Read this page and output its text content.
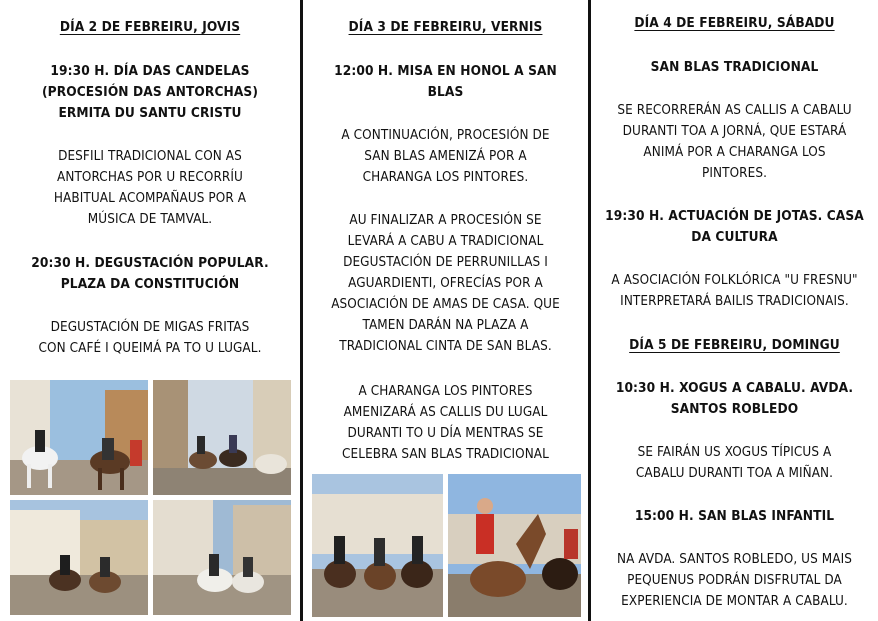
DÍA 2 DE FEBREIRU, JOVIS

19:30 H. DÍA DAS CANDELAS

(PROCESIÓN DAS ANTORCHAS)

ERMITA DU SANTU CRISTU

DESFILI TRADICIONAL CON AS

ANTORCHAS POR U RECORRÍU

HABITUAL ACOMPAÑAUS POR A

MÚSICA DE TAMVAL.

20:30 H. DEGUSTACIÓN POPULAR.

PLAZA DA CONSTITUCIÓN

DEGUSTACIÓN DE MIGAS FRITAS

CON CAFÉ I QUEIMÁ PA TO U LUGAL.

DÍA 3 DE FEBREIRU, VERNIS

12:00 H. MISA EN HONOL A SAN

BLAS

A CONTINUACIÓN, PROCESIÓN DE

SAN BLAS AMENIZÁ POR A

CHARANGA LOS PINTORES.

AU FINALIZAR A PROCESIÓN SE

LEVARÁ A CABU A TRADICIONAL

DEGUSTACIÓN DE PERRUNILLAS I

AGUARDIENTI, OFRECÍAS POR A

ASOCIACIÓN DE AMAS DE CASA. QUE

TAMEN DARÁN NA PLAZA A

TRADICIONAL CINTA DE SAN BLAS.

A CHARANGA LOS PINTORES

AMENIZARÁ AS CALLIS DU LUGAL

DURANTI TO U DÍA MENTRAS SE

CELEBRA SAN BLAS TRADICIONAL

DÍA 4 DE FEBREIRU, SÁBADU

SAN BLAS TRADICIONAL

SE RECORRERÁN AS CALLIS A CABALU

DURANTI TOA A JORNÁ, QUE ESTARÁ

ANIMÁ POR A CHARANGA LOS

PINTORES.

19:30 H. ACTUACIÓN DE JOTAS. CASA

DA CULTURA

A ASOCIACIÓN FOLKLÓRICA "U FRESNU"

INTERPRETARÁ BAILIS TRADICIONAIS.

DÍA 5 DE FEBREIRU, DOMINGU

10:30 H. XOGUS A CABALU. AVDA.

SANTOS ROBLEDO

SE FAIRÁN US XOGUS TÍPICUS A

CABALU DURANTI TOA A MIÑAN.

15:00 H. SAN BLAS INFANTIL

NA AVDA. SANTOS ROBLEDO, US MAIS

PEQUENUS PODRÁN DISFRUTAL DA

EXPERIENCIA DE MONTAR A CABALU.
